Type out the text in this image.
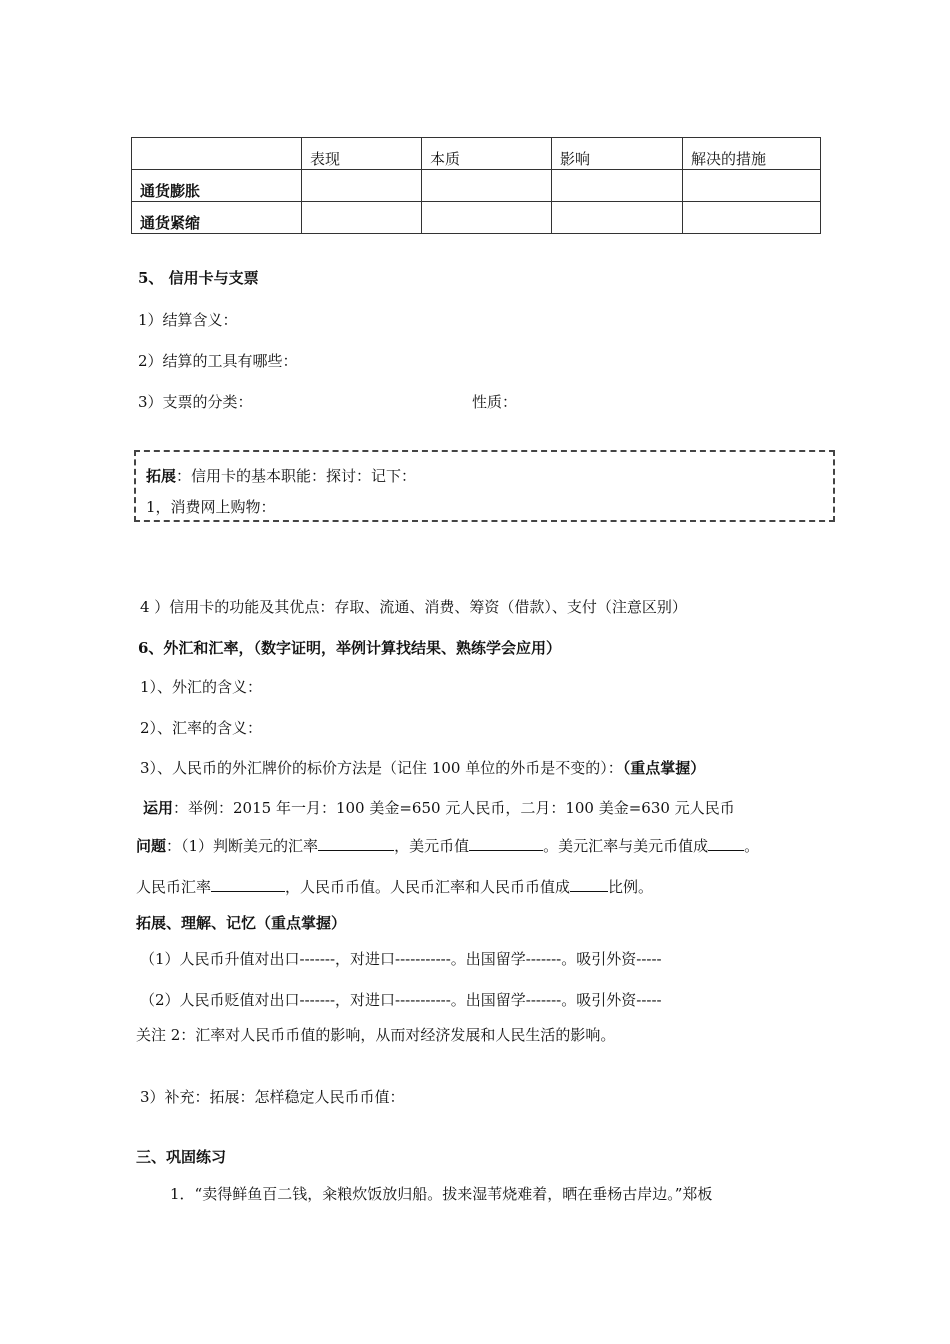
	表现	本质	影响	解决的措施
通货膨胀				
通货紧缩				
5、 信用卡与支票
1）结算含义：
2）结算的工具有哪些：
3）支票的分类：	性质：
拓展：信用卡的基本职能：探讨：记下：
1，消费网上购物：
4 ）信用卡的功能及其优点：存取、流通、消费、筹资（借款）、支付（注意区别）
6、外汇和汇率，（数字证明，举例计算找结果、熟练学会应用）
1）、外汇的含义：
2）、汇率的含义：
3）、人民币的外汇牌价的标价方法是（记住 100 单位的外币是不变的）：（重点掌握）
运用：举例：2015 年一月：100 美金=650 元人民币，二月：100 美金=630 元人民币
问题：（1）判断美元的汇率	，美元币值	。美元汇率与美元币值成 。
人民币汇率	，人民币币值。人民币汇率和人民币币值成	比例。
拓展、理解、记忆（重点掌握）
（1）人民币升值对出口-------，对进口-----------。出国留学-------。吸引外资-----
（2）人民币贬值对出口-------，对进口-----------。出国留学-------。吸引外资-----
关注 2：汇率对人民币币值的影响，从而对经济发展和人民生活的影响。
3）补充：拓展：怎样稳定人民币币值：
三、巩固练习
1．“卖得鲜鱼百二钱，籴粮炊饭放归船。拔来湿苇烧难着，晒在垂杨古岸边。”郑板
